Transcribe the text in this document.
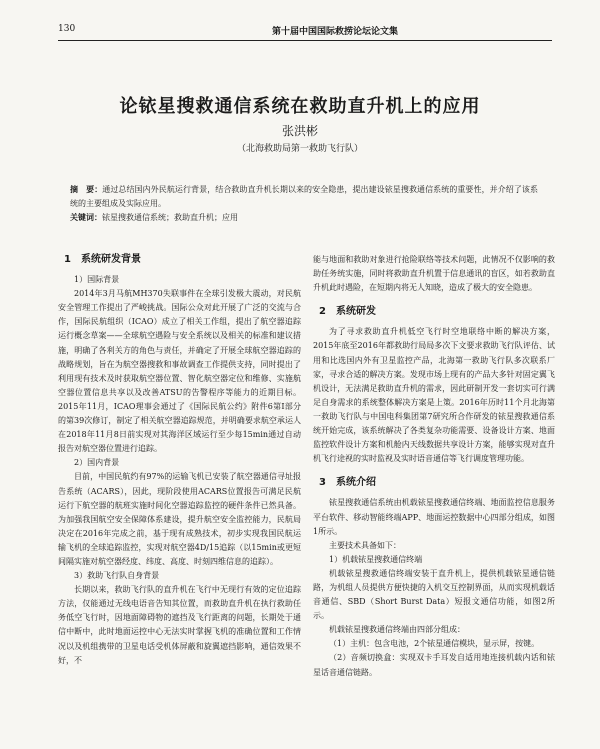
130	第十届中国国际救捞论坛论文集
论铱星搜救通信系统在救助直升机上的应用
张洪彬
（北海救助局第一救助飞行队）
摘　要：通过总结国内外民航运行背景，结合救助直升机长期以来的安全隐患，提出建设铱星搜救通信系统的重要性，并介绍了该系统的主要组成及实际应用。
关键词：铱星搜救通信系统；救助直升机；应用
1　系统研发背景
1）国际背景

2014年3月马航MH370失联事件在全球引发极大震动，对民航安全管理工作提出了严峻挑战。国际公众对此开展了广泛的交流与合作，国际民航组织（ICAO）成立了相关工作组，提出了航空器追踪运行概念草案——全球航空遇险与安全系统以及相关的标准和建议措施，明确了各利关方的角色与责任，并确定了开展全球航空器追踪的战略规划，旨在为航空器搜救和事故调查工作提供支持，同时提出了利用现有技术及时获取航空器位置、智化航空器定位和维修、实施航空器位置信息共享以及改善ATSU的告警程序等能力的近期目标。2015年11月，ICAO理事会通过了《国际民航公约》附件6第Ⅰ部分的第39次修订，制定了相关航空器追踪规范，并明确要求航空承运人在2018年11月8日前实现对其海洋区域运行至少每15min通过自动报告对航空器位置进行追踪。

2）国内背景

目前，中国民航约有97%的运输飞机已安装了航空器通信寻址报告系统（ACARS），因此，现阶段使用ACARS位置报告可满足民航运行下航空器的航班实施时间化空器追踪监控的硬件条件已然具备。为加强我国航空安全保障体系建设，提升航空安全监控能力，民航局决定在2016年完成之前，基于现有成熟技术，初步实现我国民航运输飞机的全球追踪监控，实现对航空器4D/15追踪（以15min或更短间隔实施对航空器经度、纬度、高度、时刻四维信息的追踪）。

3）救助飞行队自身背景

长期以来，救助飞行队的直升机在飞行中无现行有效的定位追踪方法，仅能通过无线电语音告知其位置，而救助直升机在执行救助任务低空飞行时，因地面障碍物的遮挡及飞行距离的问题，长期处于通信中断中，此时地面运控中心无法实时掌握飞机的准确位置和工作情况以及机组携带的卫星电话受机体屏蔽和旋翼遮挡影响，通信效果不好，不

能与地面和救助对象进行抢险联络等技术问题，此情况不仅影响的救助任务统实施，同时将救助直升机置于信息通讯的盲区，如若救助直升机此时遇险，在短期内将无人知晓，造成了极大的安全隐患。

2　系统研发

为了寻求救助直升机低空飞行时空地联络中断的解决方案，2015年底至2016年都救助行局局多次下文要求救助飞行队评估、试用和比选国内外有卫星监控产品，北海第一救助飞行队多次联系厂家，寻求合适的解决方案。发现市场上现有的产品大多针对固定翼飞机设计，无法满足救助直升机的需求，因此研制开发一套切实可行满足自身需求的系统整体解决方案是上策。2016年历时11个月北海第一救助飞行队与中国电科集团第7研究所合作研发的铱星搜救通信系统开始完成，该系统解决了各类复杂功能需要、设备设计方案、地面监控软件设计方案和机舱内天线数据共享设计方案，能够实现对直升机飞行途视的实时监视及实时语音通信等飞行调度管理功能。

3　系统介绍

铱星搜救通信系统由机载铱星搜救通信终端、地面监控信息服务平台软件、移动智能终端APP、地面运控数据中心四部分组成，如图1所示。

主要技术具备如下：

1）机载铱星搜救通信终端

机载铱星搜救通信终端安装于直升机上，提供机载铱星通信链路，为机组人员提供方便快捷的入机交互控制界面，从而实现机载话音通信、SBD（Short Burst Data）短报文通信功能，如图2所示。

机载铱星搜救通信终端由四部分组成：

（1）主机：包含电池，2个铱星通信模块，显示屏，按键。

（2）音频切换盒：实现双卡手耳发自适用地连接机载内话和铱星话音通信链路。
